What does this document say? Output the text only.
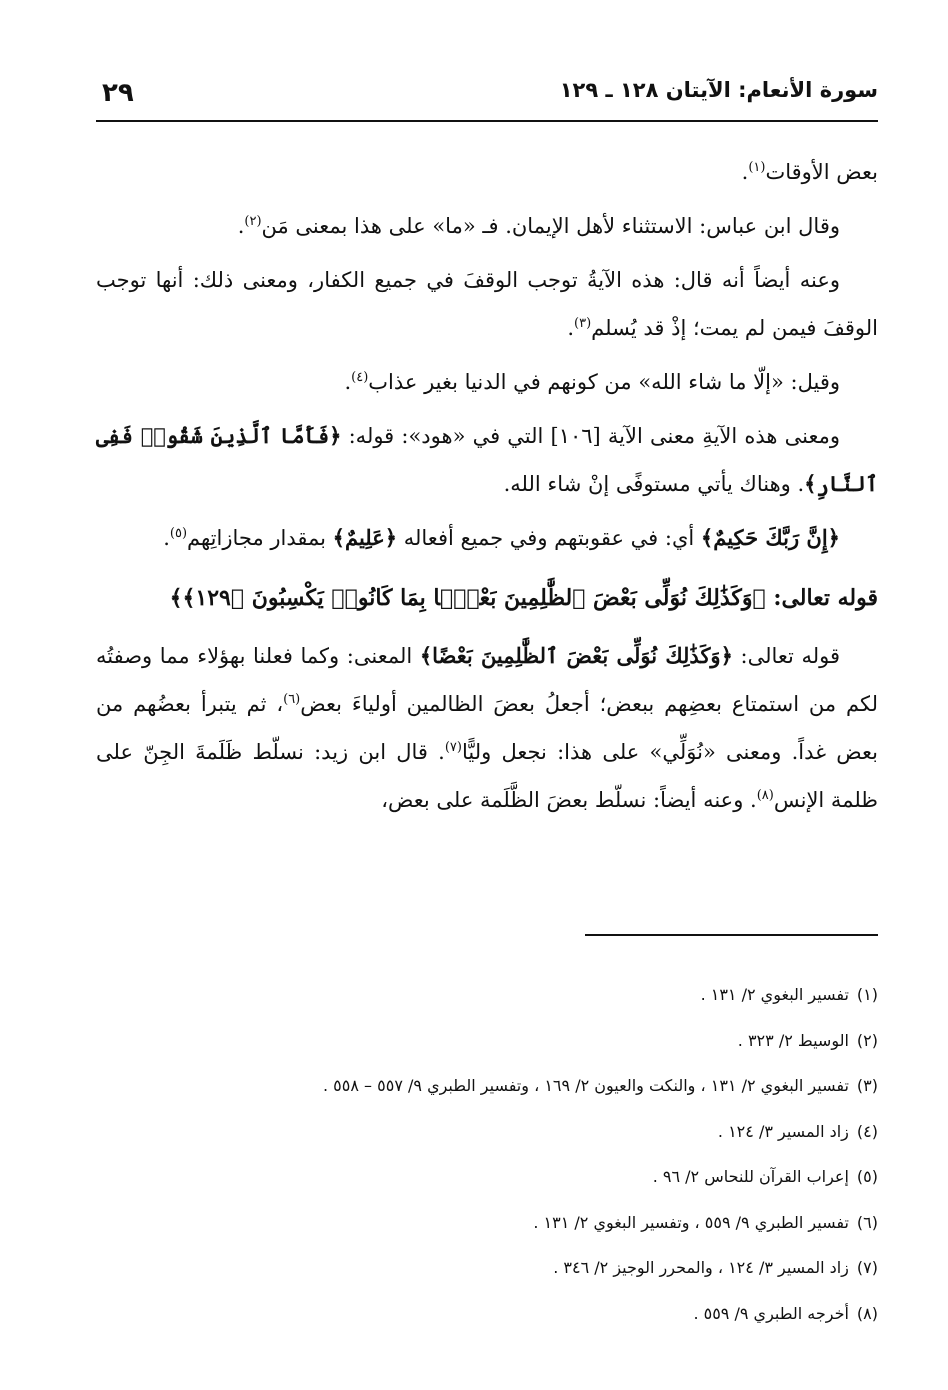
سورة الأنعام: الآيتان ١٢٨ ـ ١٢٩
٢٩

بعض الأوقات$^{(١)}$.

وقال ابن عباس: الاستثناء لأهل الإيمان. فـ «ما» على هذا بمعنى مَن$^{(٢)}$.

وعنه أيضاً أنه قال: هذه الآيةُ توجب الوقفَ في جميع الكفار، ومعنى ذلك: أنها توجب الوقفَ فيمن لم يمت؛ إذْ قد يُسلم$^{(٣)}$.

وقيل: «إلّا ما شاء الله» من كونهم في الدنيا بغير عذاب$^{(٤)}$.

ومعنى هذه الآيةِ معنى الآية [١٠٦] التي في «هود»: قوله: ﴿فَأَمَّا ٱلَّذِينَ شَقُوا۟ فَفِى ٱلنَّارِ﴾. وهناك يأتي مستوفًى إنْ شاء الله.

﴿إِنَّ رَبَّكَ حَكِيمٌ﴾ أي: في عقوبتهم وفي جميع أفعاله ﴿عَلِيمٌ﴾ بمقدار مجازاتِهم$^{(٥)}$.

قوله تعالى: ﴿وَكَذَٰلِكَ نُوَلِّى بَعْضَ ٱلظَّٰلِمِينَ بَعْضًۢا بِمَا كَانُوا۟ يَكْسِبُونَ ﴿١٢٩﴾﴾

قوله تعالى: ﴿وَكَذَٰلِكَ نُوَلِّى بَعْضَ ٱلظَّٰلِمِينَ بَعْضًا﴾ المعنى: وكما فعلنا بهؤلاء مما وصفتُه لكم من استمتاع بعضِهم ببعض؛ أجعلُ بعضَ الظالمين أولياءَ بعض$^{(٦)}$، ثم يتبرأ بعضُهم من بعض غداً. ومعنى «نُوَلِّي» على هذا: نجعل وليًّا$^{(٧)}$. قال ابن زيد: نسلّط ظَلَمةَ الجِنّ على ظلمة الإنس$^{(٨)}$. وعنه أيضاً: نسلّط بعضَ الظَّلَمة على بعض،

(١)تفسير البغوي ٢/ ١٣١ .
(٢)الوسيط ٢/ ٣٢٣ .
(٣)تفسير البغوي ٢/ ١٣١ ، والنكت والعيون ٢/ ١٦٩ ، وتفسير الطبري ٩/ ٥٥٧ – ٥٥٨ .
(٤)زاد المسير ٣/ ١٢٤ .
(٥)إعراب القرآن للنحاس ٢/ ٩٦ .
(٦)تفسير الطبري ٩/ ٥٥٩ ، وتفسير البغوي ٢/ ١٣١ .
(٧)زاد المسير ٣/ ١٢٤ ، والمحرر الوجيز ٢/ ٣٤٦ .
(٨)أخرجه الطبري ٩/ ٥٥٩ .
